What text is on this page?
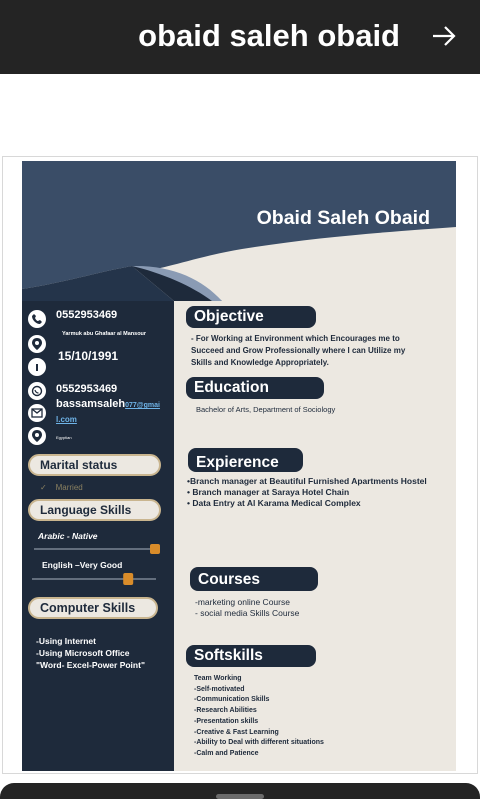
obaid saleh obaid
Obaid Saleh Obaid
0552953469
Yarmuk abu Ghafaar al Mansour
15/10/1991
0552953469
bassamsaleh077@gmai
l.com
Egyptian
Marital status
✓ Married
Language Skills
Arabic - Native
English –Very Good
Computer Skills
-Using Internet
-Using Microsoft Office
"Word- Excel-Power Point"
Objective
- For Working at Environment which Encourages me to
Succeed and Grow Professionally where I can Utilize my
Skills and Knowledge Appropriately.
Education
Bachelor of Arts, Department of Sociology
Expierence
•Branch manager at Beautiful Furnished Apartments Hostel
• Branch manager at Saraya Hotel Chain
• Data Entry at Al Karama Medical Complex
Courses
-marketing online Course
- social media Skills Course
Softskills
Team Working
-Self-motivated
-Communication Skills
-Research Abilities
-Presentation skills
-Creative & Fast Learning
-Ability to Deal with different situations
-Calm and Patience
